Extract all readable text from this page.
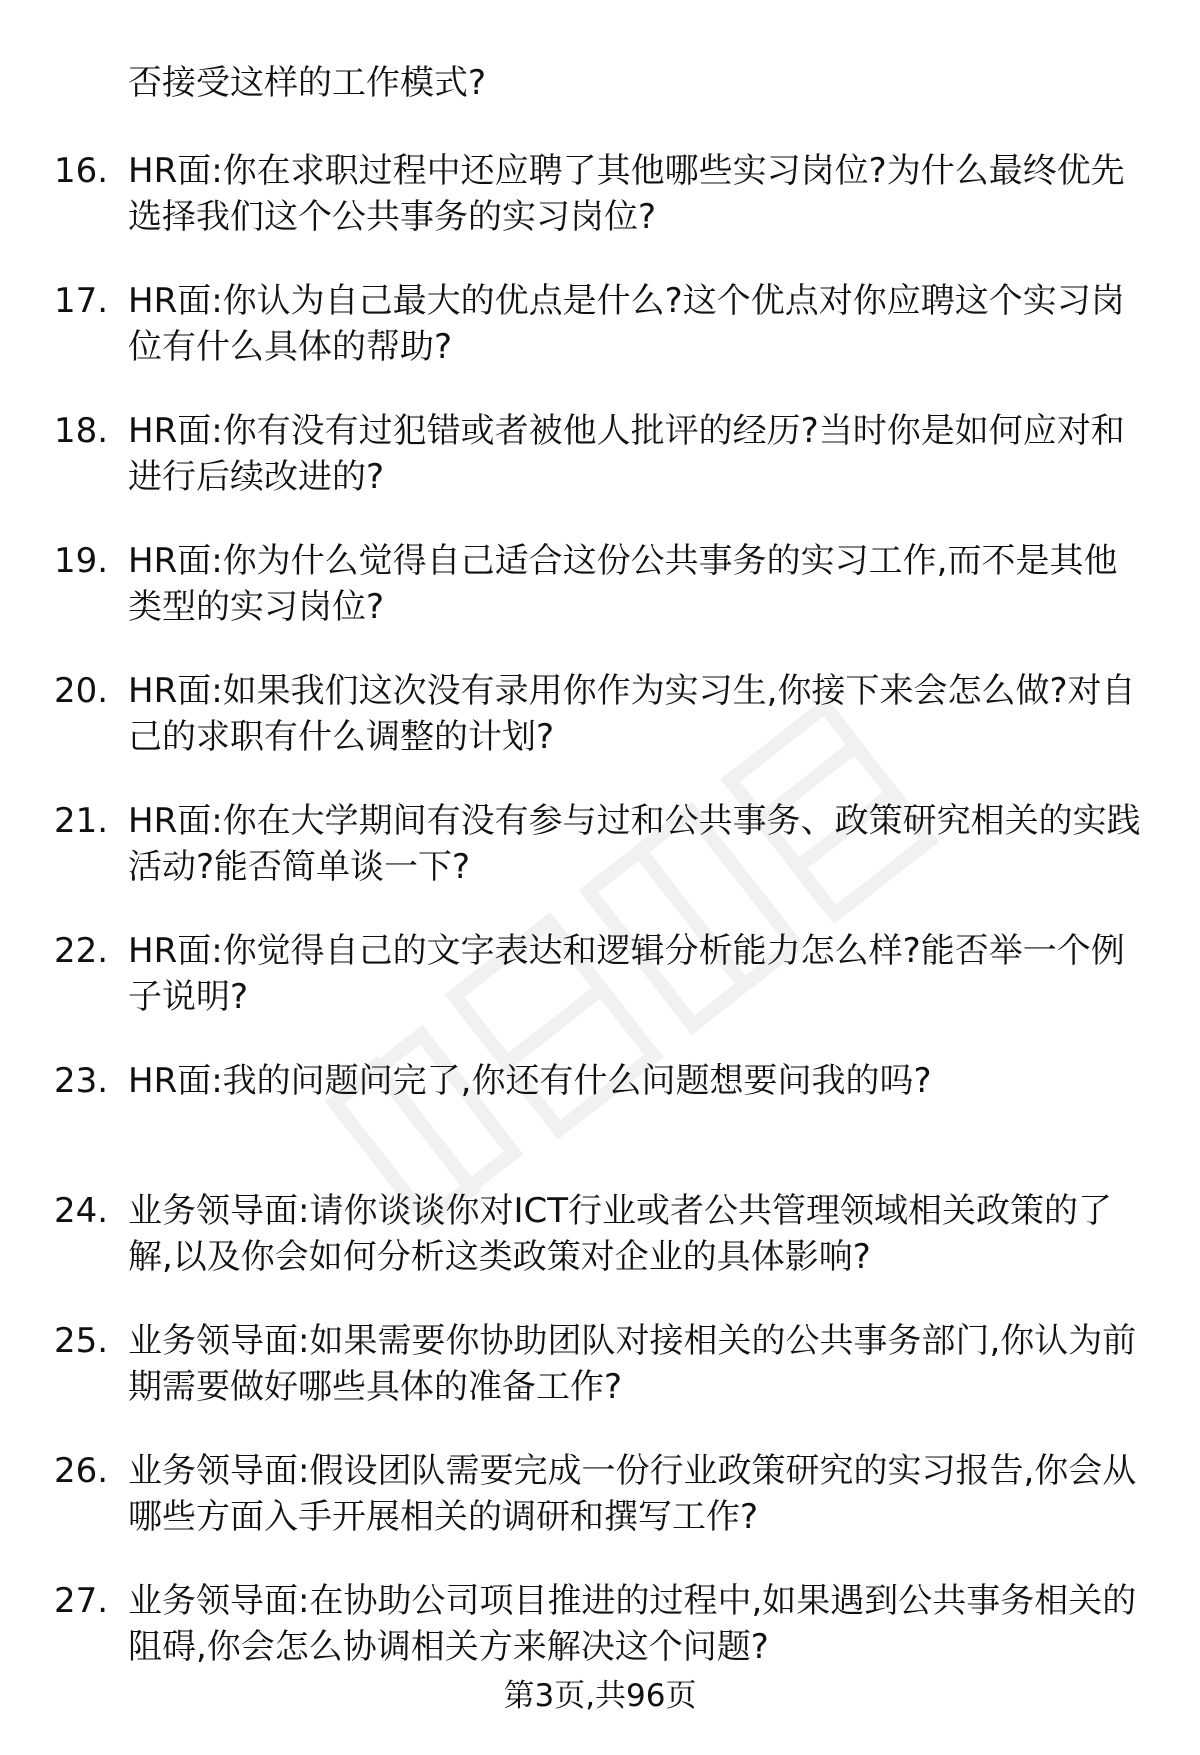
否接受这样的工作模式?
16. HR面:你在求职过程中还应聘了其他哪些实习岗位?为什么最终优先选择我们这个公共事务的实习岗位?
17. HR面:你认为自己最大的优点是什么?这个优点对你应聘这个实习岗位有什么具体的帮助?
18. HR面:你有没有过犯错或者被他人批评的经历?当时你是如何应对和进行后续改进的?
19. HR面:你为什么觉得自己适合这份公共事务的实习工作,而不是其他类型的实习岗位?
20. HR面:如果我们这次没有录用你作为实习生,你接下来会怎么做?对自己的求职有什么调整的计划?
21. HR面:你在大学期间有没有参与过和公共事务、政策研究相关的实践活动?能否简单谈一下?
22. HR面:你觉得自己的文字表达和逻辑分析能力怎么样?能否举一个例子说明?
23. HR面:我的问题问完了,你还有什么问题想要问我的吗?
24. 业务领导面:请你谈谈你对ICT行业或者公共管理领域相关政策的了解,以及你会如何分析这类政策对企业的具体影响?
25. 业务领导面:如果需要你协助团队对接相关的公共事务部门,你认为前期需要做好哪些具体的准备工作?
26. 业务领导面:假设团队需要完成一份行业政策研究的实习报告,你会从哪些方面入手开展相关的调研和撰写工作?
27. 业务领导面:在协助公司项目推进的过程中,如果遇到公共事务相关的阻碍,你会怎么协调相关方来解决这个问题?
第3页,共96页
